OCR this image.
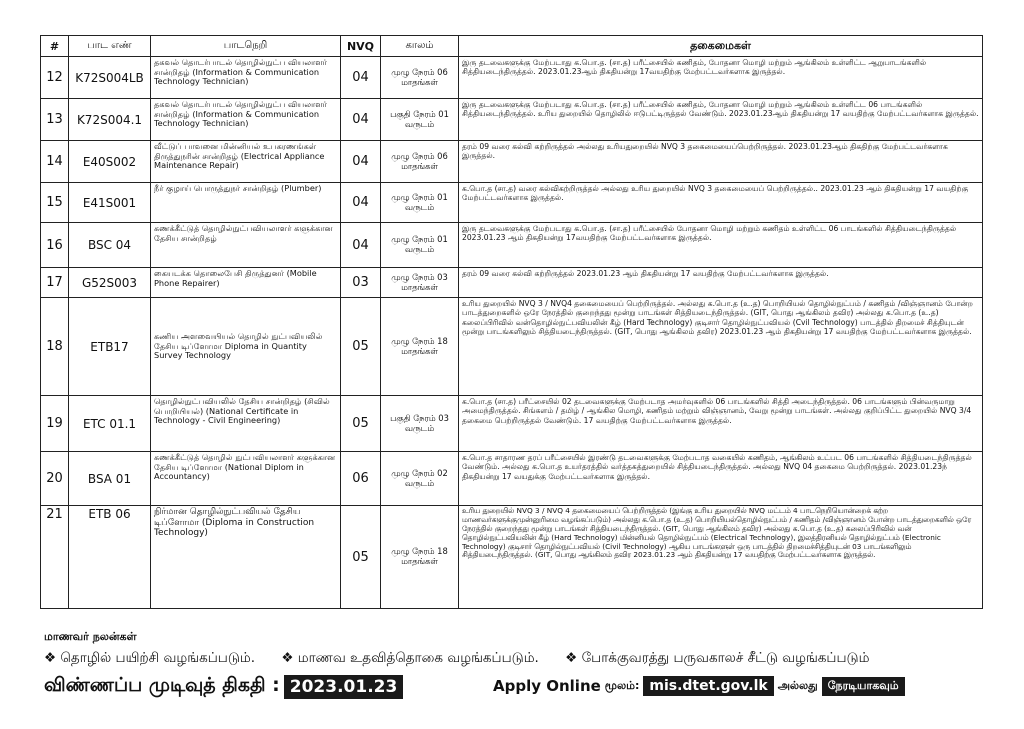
#	பாட எண்	பாடநெறி	NVQ	காலம்	தகைமைகள்
12	K72S004LB	தகவல் தொடர்பாடல் தொழில்நுட்ப வியலாளர் சான்றிதழ் (Information & Communication Technology Technician)	04	முழு நேரம் 06 மாதங்கள்	இரு தடவைகளுக்கு மேற்படாது க.பொ.த. (சா.த) பரீட்சையில் கணிதம், போதனா மொழி மற்றும் ஆங்கிலம் உள்ளிட்ட ஆறுபாடங்களில் சித்தியடைந்திருத்தல். 2023.01.23ஆம் திகதியன்று 17வயதிற்கு மேற்பட்டவர்களாக இருத்தல்.
13	K72S004.1	தகவல் தொடர்பாடல் தொழில்நுட்ப வியலாளர் சான்றிதழ் (Information & Communication Technology Technician)	04	பகுதி நேரம் 01 வருடம்	இரு தடவைகளுக்கு மேற்படாது க.பொ.த. (சா.த) பரீட்சையில் கணிதம், போதனா மொழி மற்றும் ஆங்கிலம் உள்ளிட்ட 06 பாடங்களில் சித்தியடைந்திருத்தல். உரிய துறையில் தொழிலில் ஈடுபட்டிருத்தல் வேண்டும். 2023.01.23ஆம் திகதியன்று 17 வயதிற்கு மேற்பட்டவர்களாக இருத்தல்.
14	E40S002	வீட்டுப் பாவனை மின்னியல் உபகரணங்கள் திருத்துநரின் சான்றிதழ் (Electrical Appliance Maintenance Repair)	04	முழு நேரம் 06 மாதங்கள்	தரம் 09 வரை கல்வி கற்றிருத்தல் அல்லது உரியதுறையில் NVQ 3 தகைமையைப்பெற்றிருத்தல். 2023.01.23ஆம் திகதிற்கு மேற்பட்டவர்களாக இருத்தல்.
15	E41S001	நீர் குழாய் பொருத்துநர் சான்றிதழ் (Plumber)	04	முழு நேரம் 01 வருடம்	க.பொ.த (சா.த) வரை கல்விகற்றிருத்தல் அல்லது உரிய துறையில் NVQ 3 தகைமையைப் பெற்றிருத்தல்.. 2023.01.23 ஆம் திகதியன்று 17 வயதிற்கு மேற்பட்டவர்களாக இருத்தல்.
16	BSC 04	கணக்கீட்டுத் தொழில்நுட்பவியலாளர் களுக்கான தேசிய சான்றிதழ்	04	முழு நேரம் 01 வருடம்	இரு தடவைகளுக்கு மேற்படாது க.பொ.த. (சா.த) பரீட்சையில் போதனா மொழி மற்றும் கணிதம் உள்ளிட்ட 06 பாடங்களில் சித்தியடைந்திருத்தல் 2023.01.23 ஆம் திகதியன்று 17வயதிற்கு மேற்பட்டவர்களாக இருத்தல்.
17	G52S003	கையடக்க தொலைபேசி திருத்துனர் (Mobile Phone Repairer)	03	முழு நேரம் 03 மாதங்கள்	தரம் 09 வரை கல்வி கற்றிருத்தல் 2023.01.23 ஆம் திகதியன்று 17 வயதிற்கு மேற்பட்டவர்களாக இருத்தல்.
18	ETB17	கணிய அளவையியல் தொழில் நுட்பவியலில் தேசிய டிப்ளோமா Diploma in Quantity Survey Technology	05	முழு நேரம் 18 மாதங்கள்	உரிய துறையில் NVQ 3 / NVQ4 தகைமையைப் பெற்றிருத்தல். அல்லது க.பொ.த (உ.த) பொறியியல் தொழில்நுட்பம் / கணிதம் /விஞ்ஞானம் போன்ற பாடத்துறைகளில் ஒரே நேரத்தில் குறைந்தது மூன்று பாடங்கள் சித்தியடைந்திருத்தல். (GIT, பொது ஆங்கிலம் தவிர) அல்லது க.பொ.த (உ.த) கலைப்பிரிவில் வன்தொழில்நுட்பவியலின் கீழ் (Hard Technology) குடிசார் தொழில்நுட்பவியல் (Cvil Technology) பாடத்தில் திறமைச் சித்தியுடன் மூன்று பாடங்களிலும் சித்தியடைந்திருத்தல். (GIT, பொது ஆங்கிலம் தவிர) 2023.01.23 ஆம் திகதியன்று 17 வயதிற்கு மேற்பட்டவர்களாக இருத்தல்.
19	ETC 01.1	தொழில்நுட்பவியலில் தேசிய சான்றிதழ் (சிவில் பொறியியல்) (National Certificate in Technology - Civil Engineering)	05	பகுதி நேரம் 03 வருடம்	க.பொ.த (சா.த) பரீட்சையில் 02 தடவைகளுக்கு மேற்படாத அமர்வுகளில் 06 பாடங்களில் சித்தி அடைந்திருத்தல். 06 பாடங்களும் பின்வருமாறு அமைந்திருத்தல். சிங்களம் / தமிழ் / ஆங்கில மொழி, கணிதம் மற்றும் விஞ்ஞானம், வேறு மூன்று பாடங்கள். அல்லது குறிப்பிட்ட துறையில் NVQ 3/4 தகைமை பெற்றிருத்தல் வேண்டும். 17 வயதிற்கு மேற்பட்டவர்களாக இருத்தல்.
20	BSA 01	கணக்கீட்டுத் தொழில் நுட்பவியலாளர் களுக்கான தேசிய டிப்ளோமா (National Diplom in Accountancy)	06	முழு நேரம் 02 வருடம்	க.பொ.த சாதாரண தரப் பரீட்சையில் இரண்டு தடவைகளுக்கு மேற்படாத வகையில் கணிதம், ஆங்கிலம் உட்பட 06 பாடங்களில் சித்தியடைந்திருத்தல் வேண்டும். அல்லது க.பொ.த உயர்தரத்தில் வர்த்தகத்துறையில் சித்தியடைந்திருத்தல். அல்லது NVQ 04 தகைமை பெற்றிருத்தல். 2023.01.23ந் திகதியன்று 17 வயதுக்கு மேற்பட்டவர்களாக இருத்தல்.
21	ETB 06	நிர்மான தொழில்நுட்பவியல் தேசிய டிப்ளோமா (Diploma in Construction Technology)	05	முழு நேரம் 18 மாதங்கள்	உரிய துறையில் NVQ 3 / NVQ 4 தகைமையைப் பெற்றிருத்தல் (இங்கு உரிய துறையில் NVQ மட்டம் 4 பாடநெறியொன்றைக் கற்ற மாணவர்களுக்குமுன்னுரிமை வழங்கப்படும்) அல்லது க.பொ.த (உ.த) பொறியியல்தொழில்நுட்பம் / கணிதம் /விஞ்ஞானம் போன்ற பாடத்துறைகளில் ஒரே நேரத்தில் குறைந்தது மூன்று பாடங்கள் சித்தியடைந்திருத்தல். (GIT, பொது ஆங்கிலம் தவிர) அல்லது க.பொ.த (உ.த) கலைப்பிரிவில் வன் தொழில்நுட்பவியலின் கீழ் (Hard Technology) மின்னியல் தொழில்நுட்பம் (Electrical Technology), இலத்திரனியல் தொழில்நுட்பம் (Electronic Technology) குடிசார் தொழில்நுட்பவியல் (Civil Technology) ஆகிய பாடங்களுள் ஒரு பாடத்தில் திறமைச்சித்தியுடன் 03 பாடங்களிலும் சித்தியடைந்திருத்தல். (GIT, பொது ஆங்கிலம் தவிர 2023.01.23 ஆம் திகதியன்று 17 வயதிற்கு மேற்பட்டவர்களாக இருத்தல்.
மாணவர் நலன்கள்
❖ தொழில் பயிற்சி வழங்கப்படும். ❖ மாணவ உதவித்தொகை வழங்கப்படும். ❖ போக்குவரத்து பருவகாலச் சீட்டு வழங்கப்படும்
விண்ணப்ப முடிவுத் திகதி : 2023.01.23	Apply Online மூலம்: mis.dtet.gov.lk அல்லது நேரடியாகவும்
